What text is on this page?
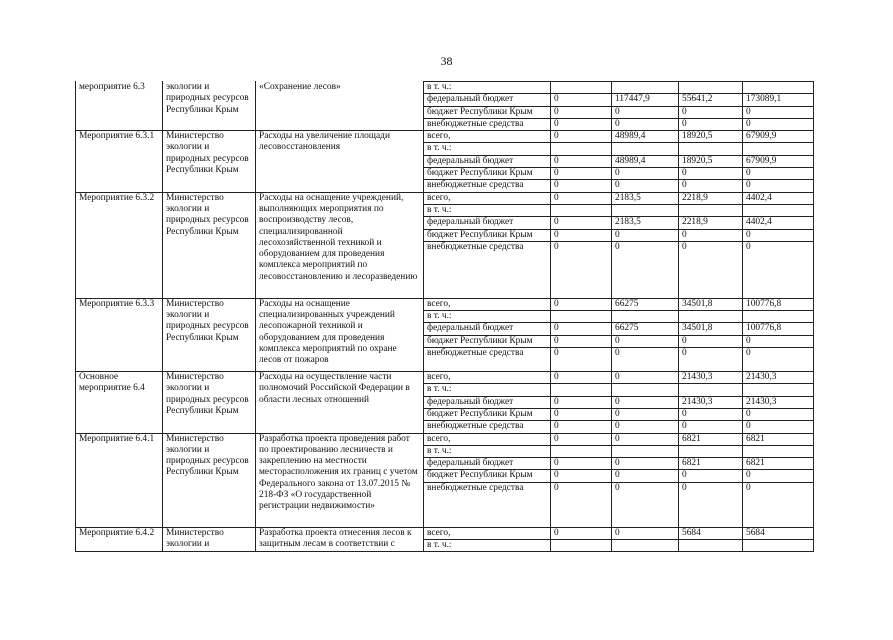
38
мероприятие 6.3	экологии и природных ресурсов Республики Крым	«Сохранение лесов»	в т. ч.:				
			федеральный бюджет	0	117447,9	55641,2	173089,1
			бюджет Республики Крым	0	0	0	0
			внебюджетные средства	0	0	0	0
Мероприятие 6.3.1	Министерство экологии и природных ресурсов Республики Крым	Расходы на увеличение площади лесовосстановления	всего,	0	48989,4	18920,5	67909,9
			в т. ч.:				
			федеральный бюджет	0	48989,4	18920,5	67909,9
			бюджет Республики Крым	0	0	0	0
			внебюджетные средства	0	0	0	0
Мероприятие 6.3.2	Министерство экологии и природных ресурсов Республики Крым	Расходы на оснащение учреждений, выполняющих мероприятия по воспроизводству лесов, специализированной лесохозяйственной техникой и оборудованием для проведения комплекса мероприятий по лесовосстановлению и лесоразведению	всего,	0	2183,5	2218,9	4402,4
			в т. ч.:				
			федеральный бюджет	0	2183,5	2218,9	4402,4
			бюджет Республики Крым	0	0	0	0
			внебюджетные средства	0	0	0	0
Мероприятие 6.3.3	Министерство экологии и природных ресурсов Республики Крым	Расходы на оснащение специализированных учреждений лесопожарной техникой и оборудованием для проведения комплекса мероприятий по охране лесов от пожаров	всего,	0	66275	34501,8	100776,8
			в т. ч.:				
			федеральный бюджет	0	66275	34501,8	100776,8
			бюджет Республики Крым	0	0	0	0
			внебюджетные средства	0	0	0	0
Основное мероприятие 6.4	Министерство экологии и природных ресурсов Республики Крым	Расходы на осуществление части полномочий Российской Федерации в области лесных отношений	всего,	0	0	21430,3	21430,3
			в т. ч.:				
			федеральный бюджет	0	0	21430,3	21430,3
			бюджет Республики Крым	0	0	0	0
			внебюджетные средства	0	0	0	0
Мероприятие 6.4.1	Министерство экологии и природных ресурсов Республики Крым	Разработка проекта проведения работ по проектированию лесничеств и закреплению на местности месторасположения их границ с учетом Федерального закона от 13.07.2015 № 218-ФЗ «О государственной регистрации недвижимости»	всего,	0	0	6821	6821
			в т. ч.:				
			федеральный бюджет	0	0	6821	6821
			бюджет Республики Крым	0	0	0	0
			внебюджетные средства	0	0	0	0
Мероприятие 6.4.2	Министерство экологии и	Разработка проекта отнесения лесов к защитным лесам в соответствии с	всего,	0	0	5684	5684
			в т. ч.:				
